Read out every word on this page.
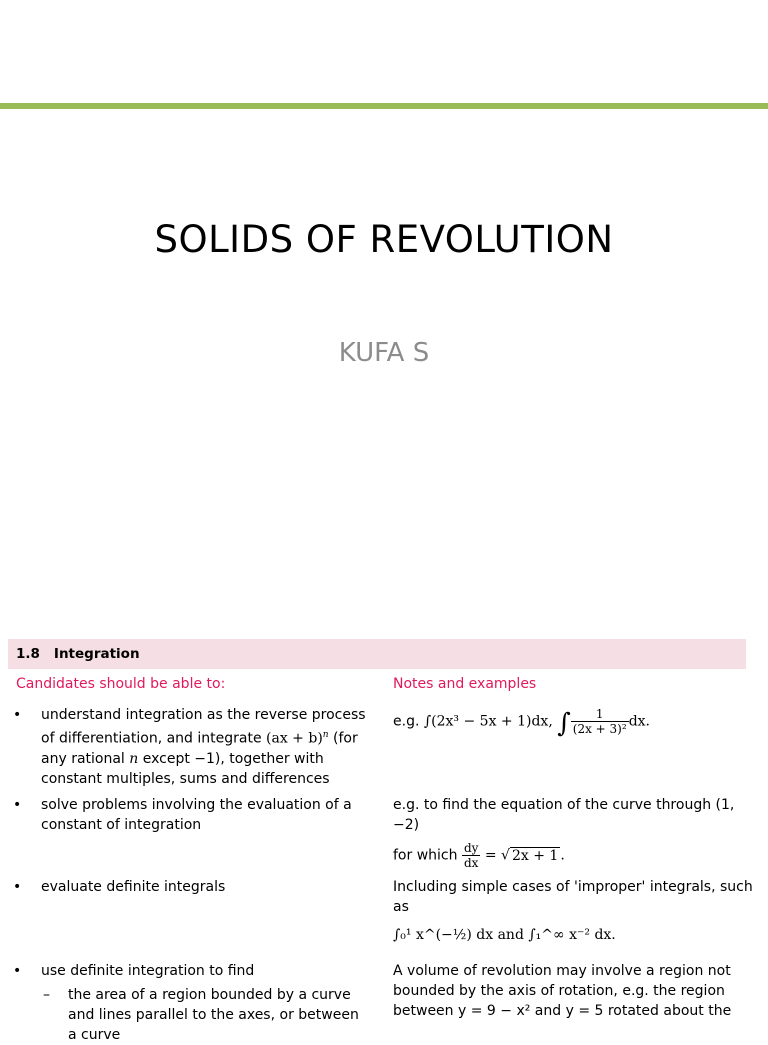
SOLIDS OF REVOLUTION
KUFA S
1.8 Integration
Candidates should be able to:	Notes and examples
• understand integration as the reverse process of differentiation, and integrate (ax + b)$^n$ (for any rational n except −1), together with constant multiples, sums and differences
e.g. ∫(2x³ − 5x + 1)dx, ∫ $\frac{1}{\text{(2x + 3)²}}$ dx.
• solve problems involving the evaluation of a constant of integration
e.g. to find the equation of the curve through (1, −2)
for which $\frac{dy}{dx}$ = √ 2x + 1 .
• evaluate definite integrals	Including simple cases of 'improper' integrals, such as
∫₀¹ x^(−½) dx and ∫₁^∞ x⁻² dx.
• use definite integration to find
– the area of a region bounded by a curve and lines parallel to the axes, or between a curve
A volume of revolution may involve a region not bounded by the axis of rotation, e.g. the region between y = 9 − x² and y = 5 rotated about the
